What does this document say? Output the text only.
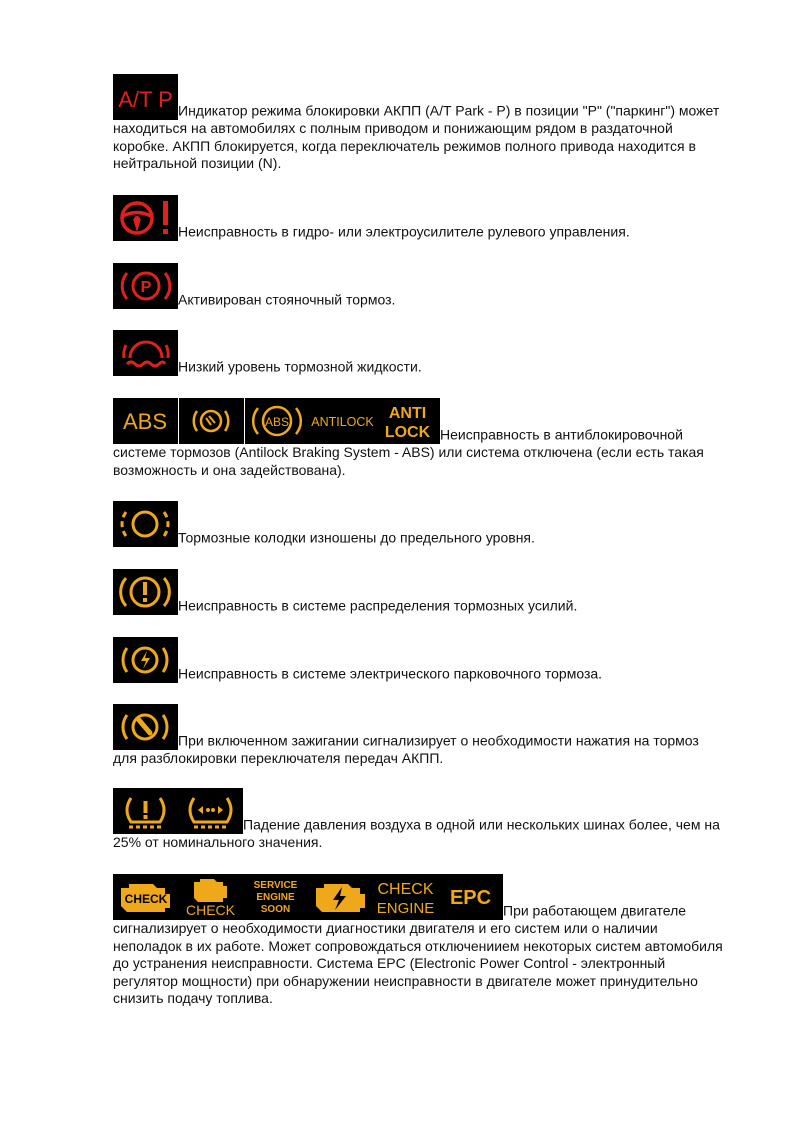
A/T P Индикатор режима блокировки АКПП (A/T Park - P) в позиции "P" ("паркинг") может находиться на автомобилях с полным приводом и понижающим рядом в раздаточной коробке. АКПП блокируется, когда переключатель режимов полного привода находится в нейтральной позиции (N).
Неисправность в гидро- или электроусилителе рулевого управления.
P
Активирован стояночный тормоз.
Низкий уровень тормозной жидкости.
ABS	ABS ANTILOCK ANTI
LOCK Неисправность в антиблокировочной системе тормозов (Antilock Braking System - ABS) или система отключена (если есть такая возможность и она задействована).
Тормозные колодки изношены до предельного уровня.
Неисправность в системе распределения тормозных усилий.
Неисправность в системе электрического парковочного тормоза.
При включенном зажигании сигнализирует о необходимости нажатия на тормоз для разблокировки переключателя передач АКПП.
Падение давления воздуха в одной или нескольких шинах более, чем на 25% от номинального значения.
CHECK
CHECK
SERVICE
ENGINE
SOON
CHECK
ENGINE EPC
При работающем двигателе сигнализирует о необходимости диагностики двигателя и его систем или о наличии неполадок в их работе. Может сопровождаться отключениием некоторых систем автомобиля до устранения неисправности. Система EPC (Electronic Power Control - электронный регулятор мощности) при обнаружении неисправности в двигателе может принудительно снизить подачу топлива.
